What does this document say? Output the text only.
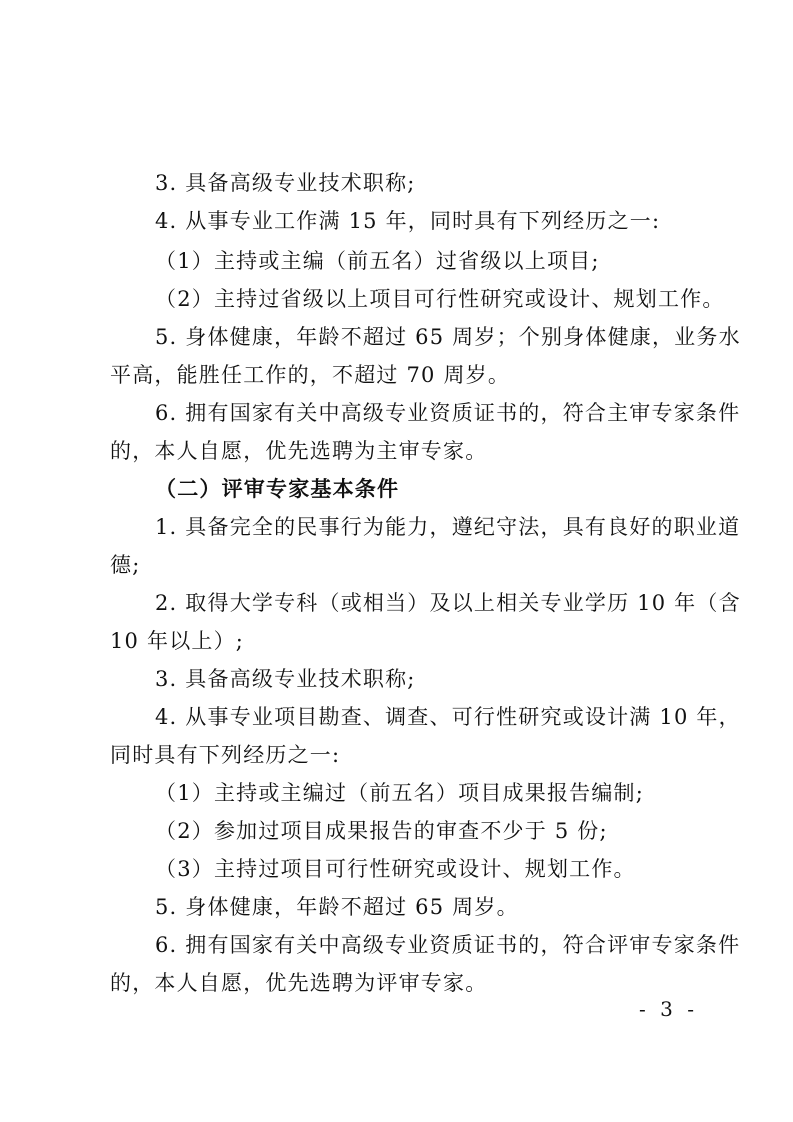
3. 具备高级专业技术职称;

4. 从事专业工作满 15 年，同时具有下列经历之一:

（1）主持或主编（前五名）过省级以上项目;

（2）主持过省级以上项目可行性研究或设计、规划工作。

5. 身体健康，年龄不超过 65 周岁；个别身体健康，业务水

平高，能胜任工作的，不超过 70 周岁。

6. 拥有国家有关中高级专业资质证书的，符合主审专家条件

的，本人自愿，优先选聘为主审专家。

（二）评审专家基本条件

1. 具备完全的民事行为能力，遵纪守法，具有良好的职业道

德;

2. 取得大学专科（或相当）及以上相关专业学历 10 年（含

10 年以上）;

3. 具备高级专业技术职称;

4. 从事专业项目勘查、调查、可行性研究或设计满 10 年，

同时具有下列经历之一:

（1）主持或主编过（前五名）项目成果报告编制;

（2）参加过项目成果报告的审查不少于 5 份;

（3）主持过项目可行性研究或设计、规划工作。

5. 身体健康，年龄不超过 65 周岁。

6. 拥有国家有关中高级专业资质证书的，符合评审专家条件

的，本人自愿，优先选聘为评审专家。

- 3 -
